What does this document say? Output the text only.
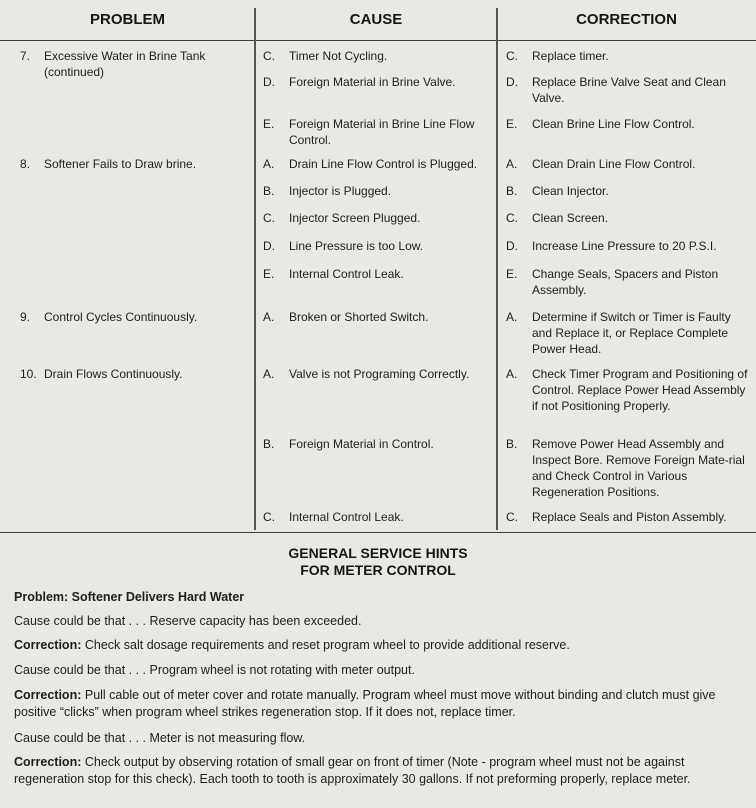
PROBLEM	CAUSE	CORRECTION
7. Excessive Water in Brine Tank (continued)
8. Softener Fails to Draw brine.
9. Control Cycles Continuously.
10. Drain Flows Continuously.
C. Timer Not Cycling.
D. Foreign Material in Brine Valve.
E. Foreign Material in Brine Line Flow Control.
A. Drain Line Flow Control is Plugged.
B. Injector is Plugged.
C. Injector Screen Plugged.
D. Line Pressure is too Low.
E. Internal Control Leak.
A. Broken or Shorted Switch.
A. Valve is not Programing Correctly.
B. Foreign Material in Control.
C. Internal Control Leak.
C. Replace timer.
D. Replace Brine Valve Seat and Clean Valve.
E. Clean Brine Line Flow Control.
A. Clean Drain Line Flow Control.
B. Clean Injector.
C. Clean Screen.
D. Increase Line Pressure to 20 P.S.I.
E. Change Seals, Spacers and Piston Assembly.
A. Determine if Switch or Timer is Faulty and Replace it, or Replace Complete Power Head.
A. Check Timer Program and Positioning of Control. Replace Power Head Assembly if not Positioning Properly.
B. Remove Power Head Assembly and Inspect Bore. Remove Foreign Mate-rial and Check Control in Various Regeneration Positions.
C. Replace Seals and Piston Assembly.
GENERAL SERVICE HINTS
FOR METER CONTROL
Problem: Softener Delivers Hard Water
Cause could be that . . . Reserve capacity has been exceeded.
Correction: Check salt dosage requirements and reset program wheel to provide additional reserve.
Cause could be that . . . Program wheel is not rotating with meter output.
Correction: Pull cable out of meter cover and rotate manually. Program wheel must move without binding and clutch must give positive “clicks” when program wheel strikes regeneration stop. If it does not, replace timer.
Cause could be that . . . Meter is not measuring flow.
Correction: Check output by observing rotation of small gear on front of timer (Note - program wheel must not be against regeneration stop for this check). Each tooth to tooth is approximately 30 gallons. If not preforming properly, replace meter.
